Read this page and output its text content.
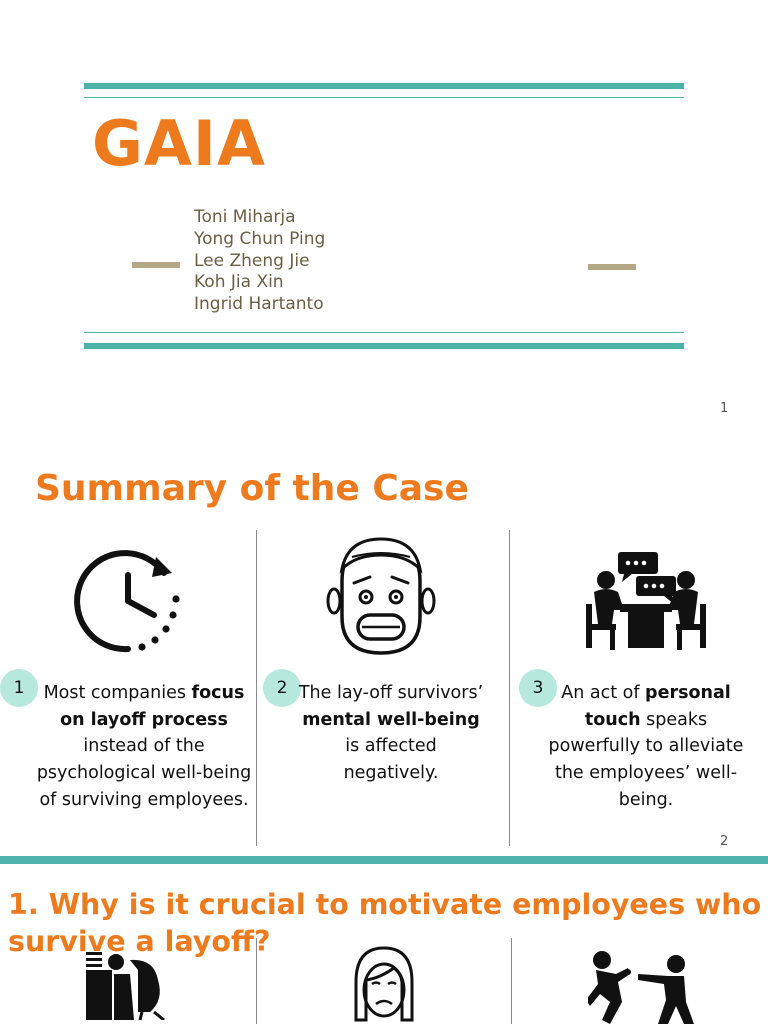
GAIA
Toni Miharja
Yong Chun Ping
Lee Zheng Jie
Koh Jia Xin
Ingrid Hartanto
1
Summary of the Case
1	Most companies focus on layoff process instead of the psychological well-being of surviving employees.

2 The lay-off survivors’ mental well-being is affected negatively.

3	An act of personal touch speaks powerfully to alleviate the employees’ well-being.

2
1. Why is it crucial to motivate employees who survive a layoff?
